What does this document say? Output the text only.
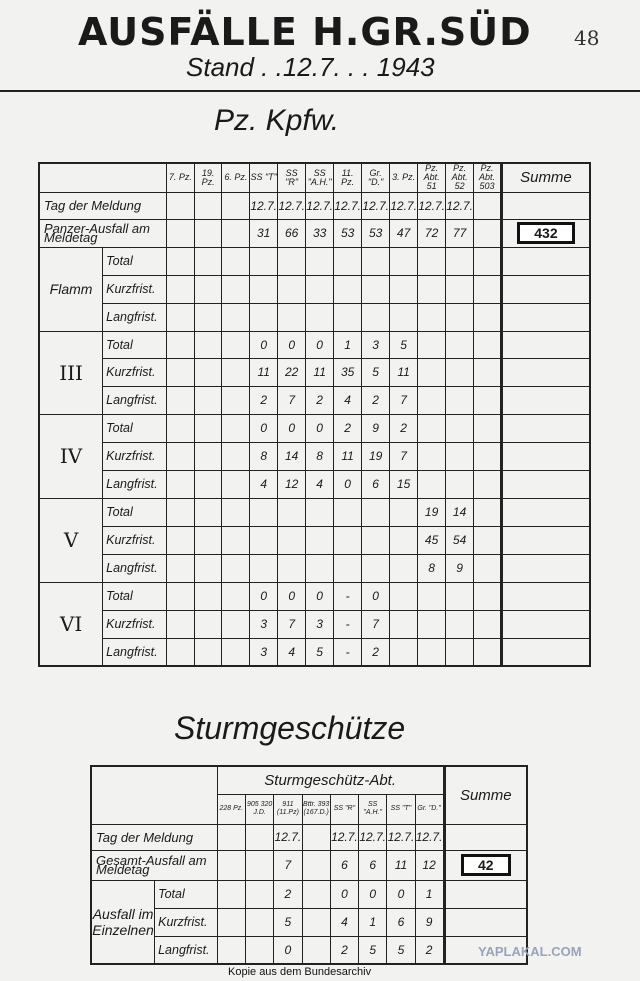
AUSFÄLLE H.GR.SÜD 48
Stand . .12.7. . . 1943
Pz. Kpfw.
		7. Pz.	19. Pz.	6. Pz.	SS "T"	SS "R"	SS "A.H."	11. Pz.	Gr. "D."	3. Pz.	Pz. Abt. 51	Pz. Abt. 52	Pz. Abt. 503	Summe
Tag der Meldung					12.7.	12.7.	12.7.	12.7.	12.7.	12.7.	12.7.	12.7.		
Panzer-Ausfall am Meldetag					31	66	33	53	53	47	72	77		432
Flamm	Total													
	Kurzfrist.													
	Langfrist.													
III	Total				0	0	0	1	3	5				
	Kurzfrist.				11	22	11	35	5	11				
	Langfrist.				2	7	2	4	2	7				
IV	Total				0	0	0	2	9	2				
	Kurzfrist.				8	14	8	11	19	7				
	Langfrist.				4	12	4	0	6	15				
V	Total										19	14		
	Kurzfrist.										45	54		
	Langfrist.										8	9		
VI	Total				0	0	0	-	0					
	Kurzfrist.				3	7	3	-	7					
	Langfrist.				3	4	5	-	2					
Sturmgeschütze
		Sturmgeschütz-Abt.								Summe
		228 Pz.	905 320 J.D.	911 (11.Pz)	Bttr. 393 (167.D.)	SS "R"	SS "A.H."	SS "T"	Gr. "D."	
Tag der Meldung				12.7.		12.7.	12.7.	12.7.	12.7.	
Gesamt-Ausfall am Meldetag				7		6	6	11	12	42
Ausfall im Einzelnen	Total			2		0	0	0	1	
	Kurzfrist.			5		4	1	6	9	
	Langfrist.			0		2	5	5	2		YAPLAKAL.COM
Kopie aus dem Bundesarchiv
